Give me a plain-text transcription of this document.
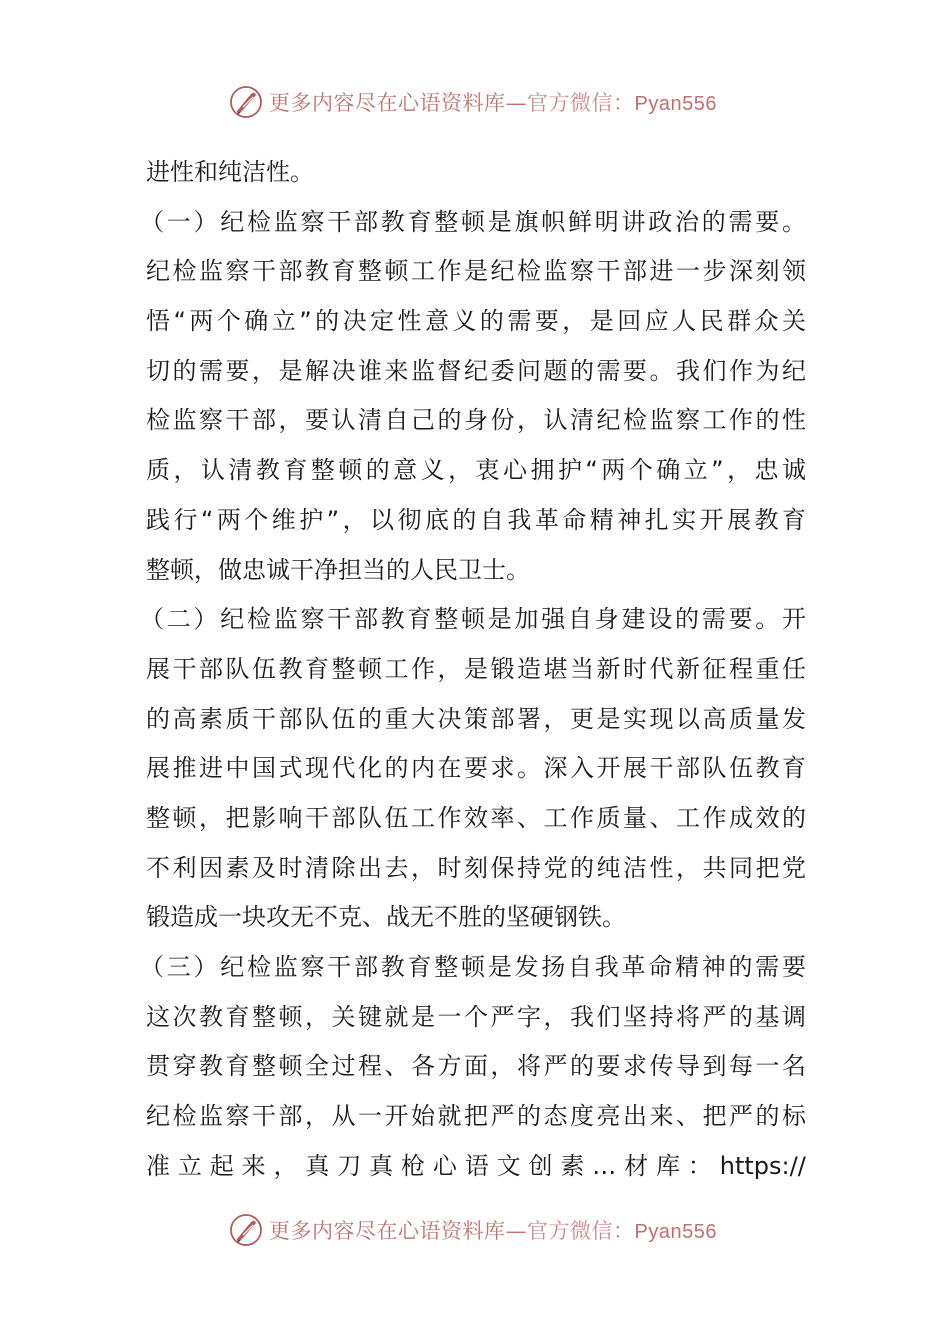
更多内容尽在心语资料库—官方微信：Pyan556
进性和纯洁性。
（一）纪检监察干部教育整顿是旗帜鲜明讲政治的需要。
纪检监察干部教育整顿工作是纪检监察干部进一步深刻领
悟“两个确立”的决定性意义的需要，是回应人民群众关
切的需要，是解决谁来监督纪委问题的需要。我们作为纪
检监察干部，要认清自己的身份，认清纪检监察工作的性
质，认清教育整顿的意义，衷心拥护“两个确立”，忠诚
践行“两个维护”，以彻底的自我革命精神扎实开展教育
整顿，做忠诚干净担当的人民卫士。
（二）纪检监察干部教育整顿是加强自身建设的需要。开
展干部队伍教育整顿工作，是锻造堪当新时代新征程重任
的高素质干部队伍的重大决策部署，更是实现以高质量发
展推进中国式现代化的内在要求。深入开展干部队伍教育
整顿，把影响干部队伍工作效率、工作质量、工作成效的
不利因素及时清除出去，时刻保持党的纯洁性，共同把党
锻造成一块攻无不克、战无不胜的坚硬钢铁。
（三）纪检监察干部教育整顿是发扬自我革命精神的需要
这次教育整顿，关键就是一个严字，我们坚持将严的基调
贯穿教育整顿全过程、各方面，将严的要求传导到每一名
纪检监察干部，从一开始就把严的态度亮出来、把严的标
准 立 起 来 ， 真 刀 真 枪 心 语 文 创 素 … 材 库 ： https://
更多内容尽在心语资料库—官方微信：Pyan556
